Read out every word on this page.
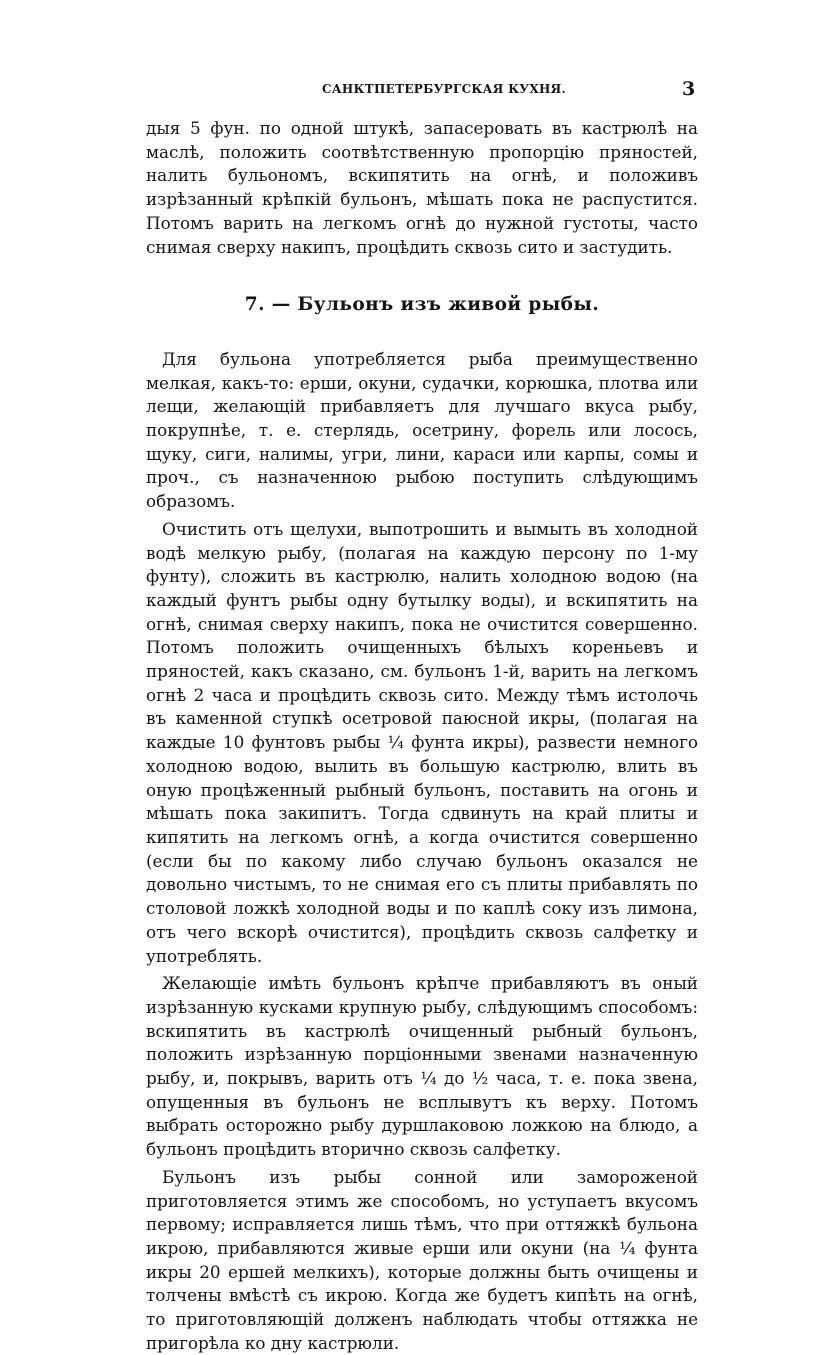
САНКТПЕТЕРБУРГСКАЯ КУХНЯ.	3

дыя 5 фун. по одной штукѣ, запасеровать въ кастрюлѣ на маслѣ, положить соотвѣтственную пропорцію пряностей, налить бульономъ, вскипятить на огнѣ, и положивъ изрѣзанный крѣпкій бульонъ, мѣшать пока не распустится. Потомъ варить на легкомъ огнѣ до нужной густоты, часто снимая сверху накипъ, процѣдить сквозь сито и застудить.

7. — Бульонъ изъ живой рыбы.

Для бульона употребляется рыба преимущественно мелкая, какъ-то: ерши, окуни, судачки, корюшка, плотва или лещи, желающій прибавляетъ для лучшаго вкуса рыбу, покрупнѣе, т. е. стерлядь, осетрину, форель или лосось, щуку, сиги, налимы, угри, лини, караси или карпы, сомы и проч., съ назначенною рыбою поступить слѣдующимъ образомъ.

Очистить отъ щелухи, выпотрошить и вымыть въ холодной водѣ мелкую рыбу, (полагая на каждую персону по 1-му фунту), сложить въ кастрюлю, налить холодною водою (на каждый фунтъ рыбы одну бутылку воды), и вскипятить на огнѣ, снимая сверху накипъ, пока не очистится совершенно. Потомъ положить очищенныхъ бѣлыхъ кореньевъ и пряностей, какъ сказано, см. бульонъ 1-й, варить на легкомъ огнѣ 2 часа и процѣдить сквозь сито. Между тѣмъ истолочь въ каменной ступкѣ осетровой паюсной икры, (полагая на каждые 10 фунтовъ рыбы ¼ фунта икры), развести немного холодною водою, вылить въ большую кастрюлю, влить въ оную процѣженный рыбный бульонъ, поставить на огонь и мѣшать пока закипитъ. Тогда сдвинуть на край плиты и кипятить на легкомъ огнѣ, а когда очистится совершенно (если бы по какому либо случаю бульонъ оказался не довольно чистымъ, то не снимая его съ плиты прибавлять по столовой ложкѣ холодной воды и по каплѣ соку изъ лимона, отъ чего вскорѣ очистится), процѣдить сквозь салфетку и употреблять.

Желающіе имѣть бульонъ крѣпче прибавляютъ въ оный изрѣзанную кусками крупную рыбу, слѣдующимъ способомъ: вскипятить въ кастрюлѣ очищенный рыбный бульонъ, положить изрѣзанную порціонными звенами назначенную рыбу, и, покрывъ, варить отъ ¼ до ½ часа, т. е. пока звена, опущенныя въ бульонъ не всплывутъ къ верху. Потомъ выбрать осторожно рыбу дуршлаковою ложкою на блюдо, а бульонъ процѣдить вторично сквозь салфетку.

Бульонъ изъ рыбы сонной или замороженой приготовляется этимъ же способомъ, но уступаетъ вкусомъ первому; исправляется лишь тѣмъ, что при оттяжкѣ бульона икрою, прибавляются живые ерши или окуни (на ¼ фунта икры 20 ершей мелкихъ), которые должны быть очищены и толчены вмѣстѣ съ икрою. Когда же будетъ кипѣть на огнѣ, то приготовляющій долженъ наблюдать чтобы оттяжка не пригорѣла ко дну кастрюли.
